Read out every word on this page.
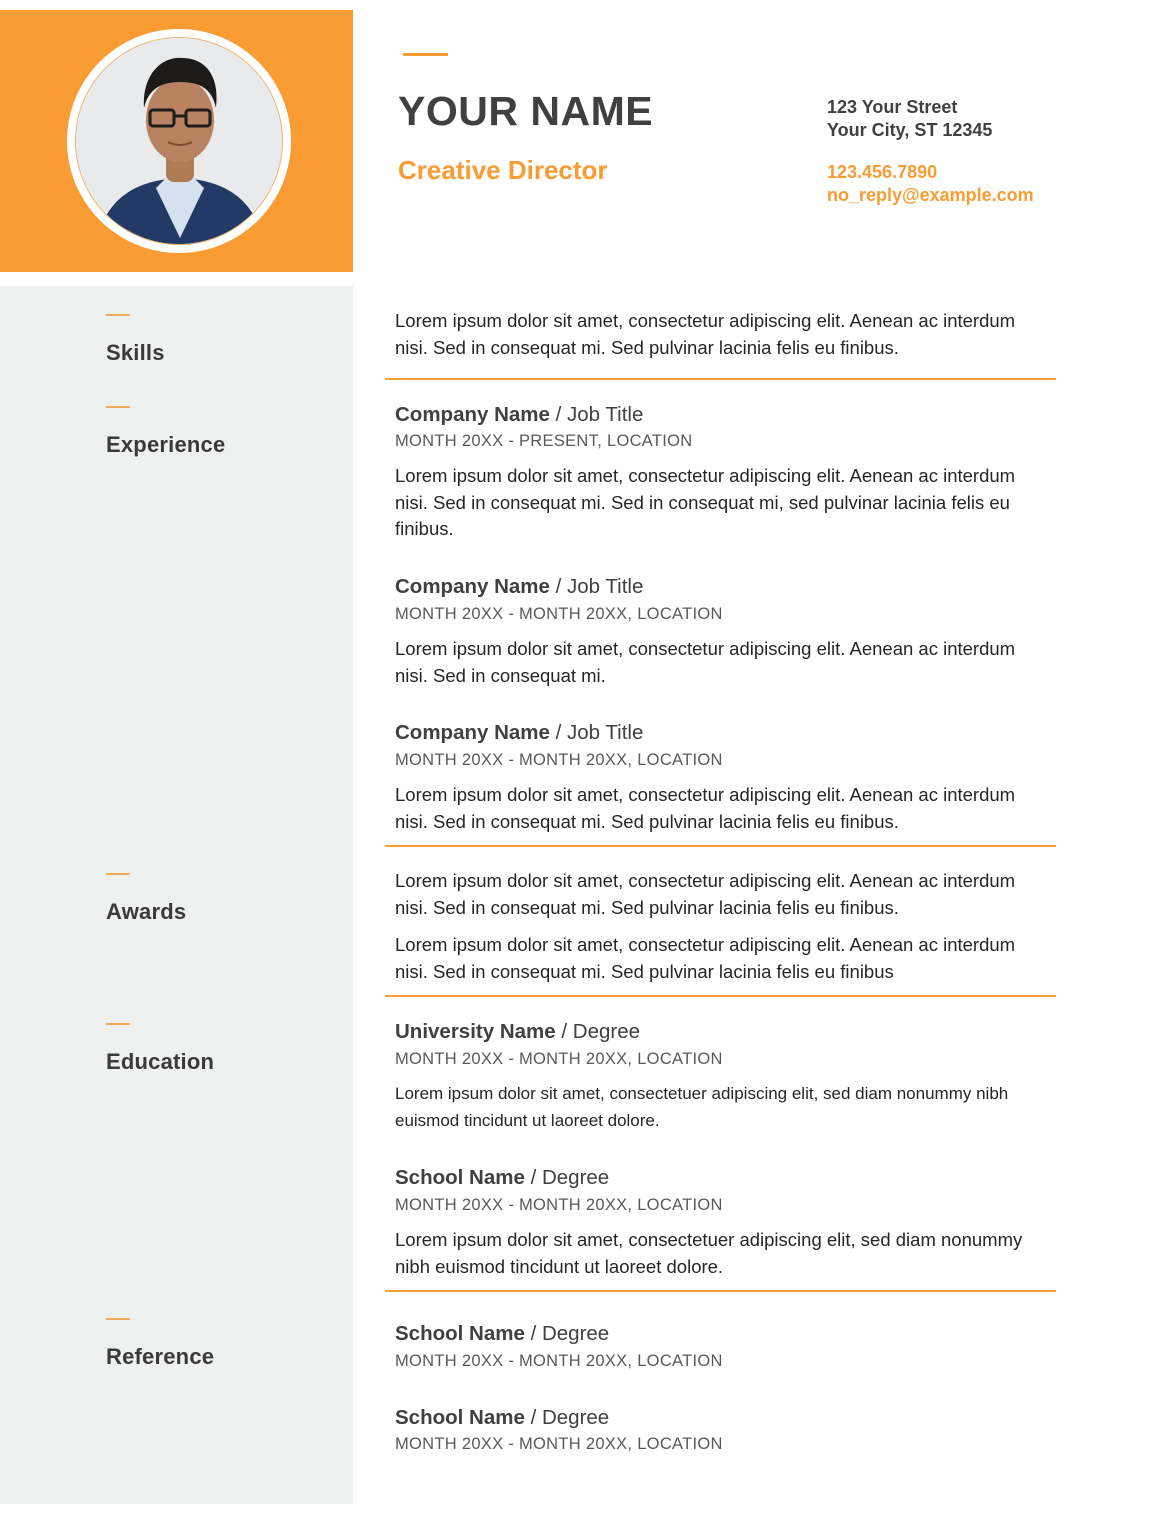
Skills
Experience
Awards
Education
Reference
YOUR NAME
Creative Director
123 Your Street
Your City, ST 12345
123.456.7890
no_reply@example.com
Lorem ipsum dolor sit amet, consectetur adipiscing elit. Aenean ac interdum nisi. Sed in consequat mi. Sed pulvinar lacinia felis eu finibus.
Company Name / Job Title
MONTH 20XX - PRESENT, LOCATION
Lorem ipsum dolor sit amet, consectetur adipiscing elit. Aenean ac interdum nisi. Sed in consequat mi. Sed in consequat mi, sed pulvinar lacinia felis eu finibus.
Company Name / Job Title
MONTH 20XX - MONTH 20XX, LOCATION
Lorem ipsum dolor sit amet, consectetur adipiscing elit. Aenean ac interdum nisi. Sed in consequat mi.
Company Name / Job Title
MONTH 20XX - MONTH 20XX, LOCATION
Lorem ipsum dolor sit amet, consectetur adipiscing elit. Aenean ac interdum nisi. Sed in consequat mi. Sed pulvinar lacinia felis eu finibus.
Lorem ipsum dolor sit amet, consectetur adipiscing elit. Aenean ac interdum nisi. Sed in consequat mi. Sed pulvinar lacinia felis eu finibus.
Lorem ipsum dolor sit amet, consectetur adipiscing elit. Aenean ac interdum nisi. Sed in consequat mi. Sed pulvinar lacinia felis eu finibus
University Name / Degree
MONTH 20XX - MONTH 20XX, LOCATION
Lorem ipsum dolor sit amet, consectetuer adipiscing elit, sed diam nonummy nibh euismod tincidunt ut laoreet dolore.
School Name / Degree
MONTH 20XX - MONTH 20XX, LOCATION
Lorem ipsum dolor sit amet, consectetuer adipiscing elit, sed diam nonummy nibh euismod tincidunt ut laoreet dolore.
School Name / Degree
MONTH 20XX - MONTH 20XX, LOCATION
School Name / Degree
MONTH 20XX - MONTH 20XX, LOCATION
